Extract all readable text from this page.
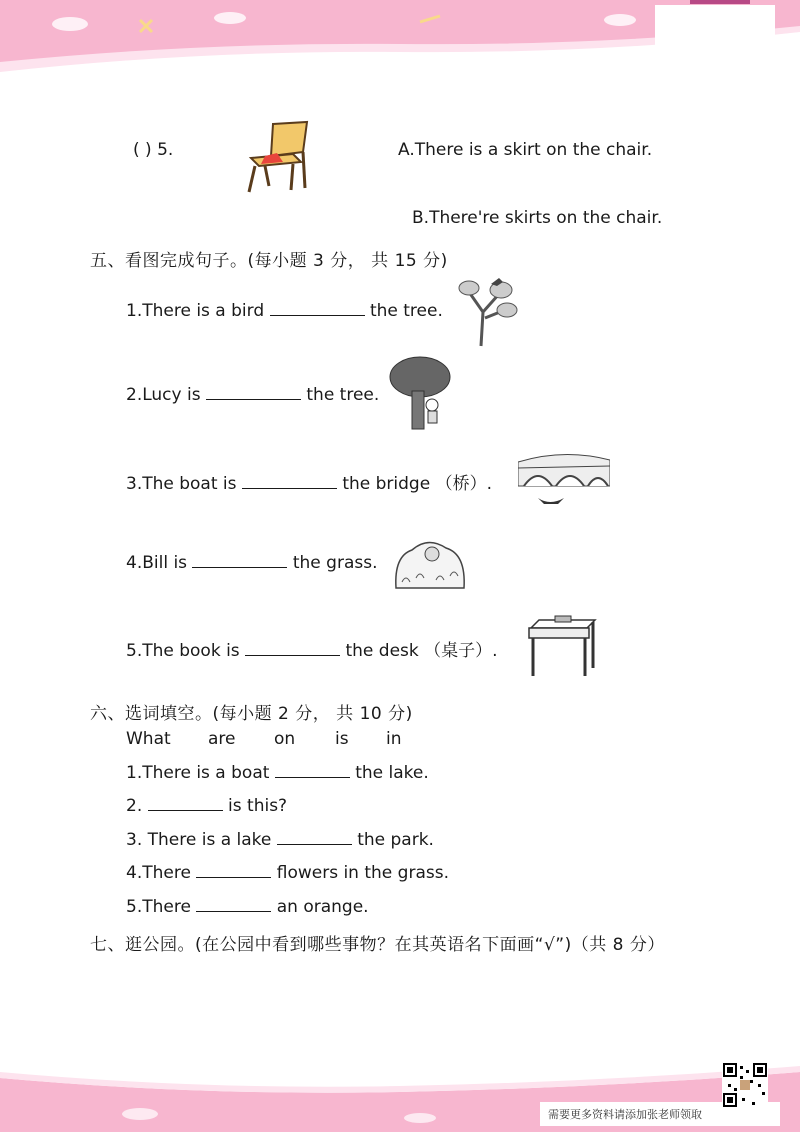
( ) 5.	A.There is a skirt on the chair.
B.There're skirts on the chair.
五、看图完成句子。(每小题 3 分， 共 15 分)
1.There is a bird	the tree.
2.Lucy is	the tree.
3.The boat is	the bridge （桥）.
4.Bill is	the grass.
5.The book is	the desk （桌子）.
六、选词填空。(每小题 2 分， 共 10 分)
What are on is in
1.There is a boat	the lake.
2.	is this?
3. There is a lake	the park.
4.There	flowers in the grass.
5.There	an orange.
七、逛公园。(在公园中看到哪些事物？在其英语名下面画“√”)（共 8 分）
需要更多资料请添加张老师领取
